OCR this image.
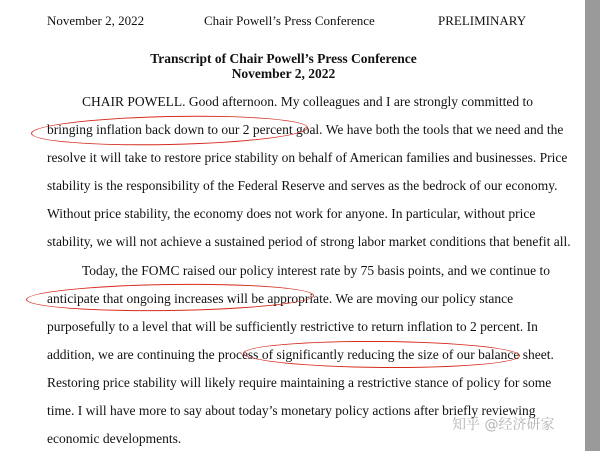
November 2, 2022	Chair Powell’s Press Conference	PRELIMINARY
Transcript of Chair Powell’s Press Conference
November 2, 2022
CHAIR POWELL. Good afternoon. My colleagues and I are strongly committed to
bringing inflation back down to our 2 percent goal. We have both the tools that we need and the
resolve it will take to restore price stability on behalf of American families and businesses. Price
stability is the responsibility of the Federal Reserve and serves as the bedrock of our economy.
Without price stability, the economy does not work for anyone. In particular, without price
stability, we will not achieve a sustained period of strong labor market conditions that benefit all.
Today, the FOMC raised our policy interest rate by 75 basis points, and we continue to
anticipate that ongoing increases will be appropriate. We are moving our policy stance
purposefully to a level that will be sufficiently restrictive to return inflation to 2 percent. In
addition, we are continuing the process of significantly reducing the size of our balance sheet.
Restoring price stability will likely require maintaining a restrictive stance of policy for some
time. I will have more to say about today’s monetary policy actions after briefly reviewing
economic developments.
知乎 @经济研家
